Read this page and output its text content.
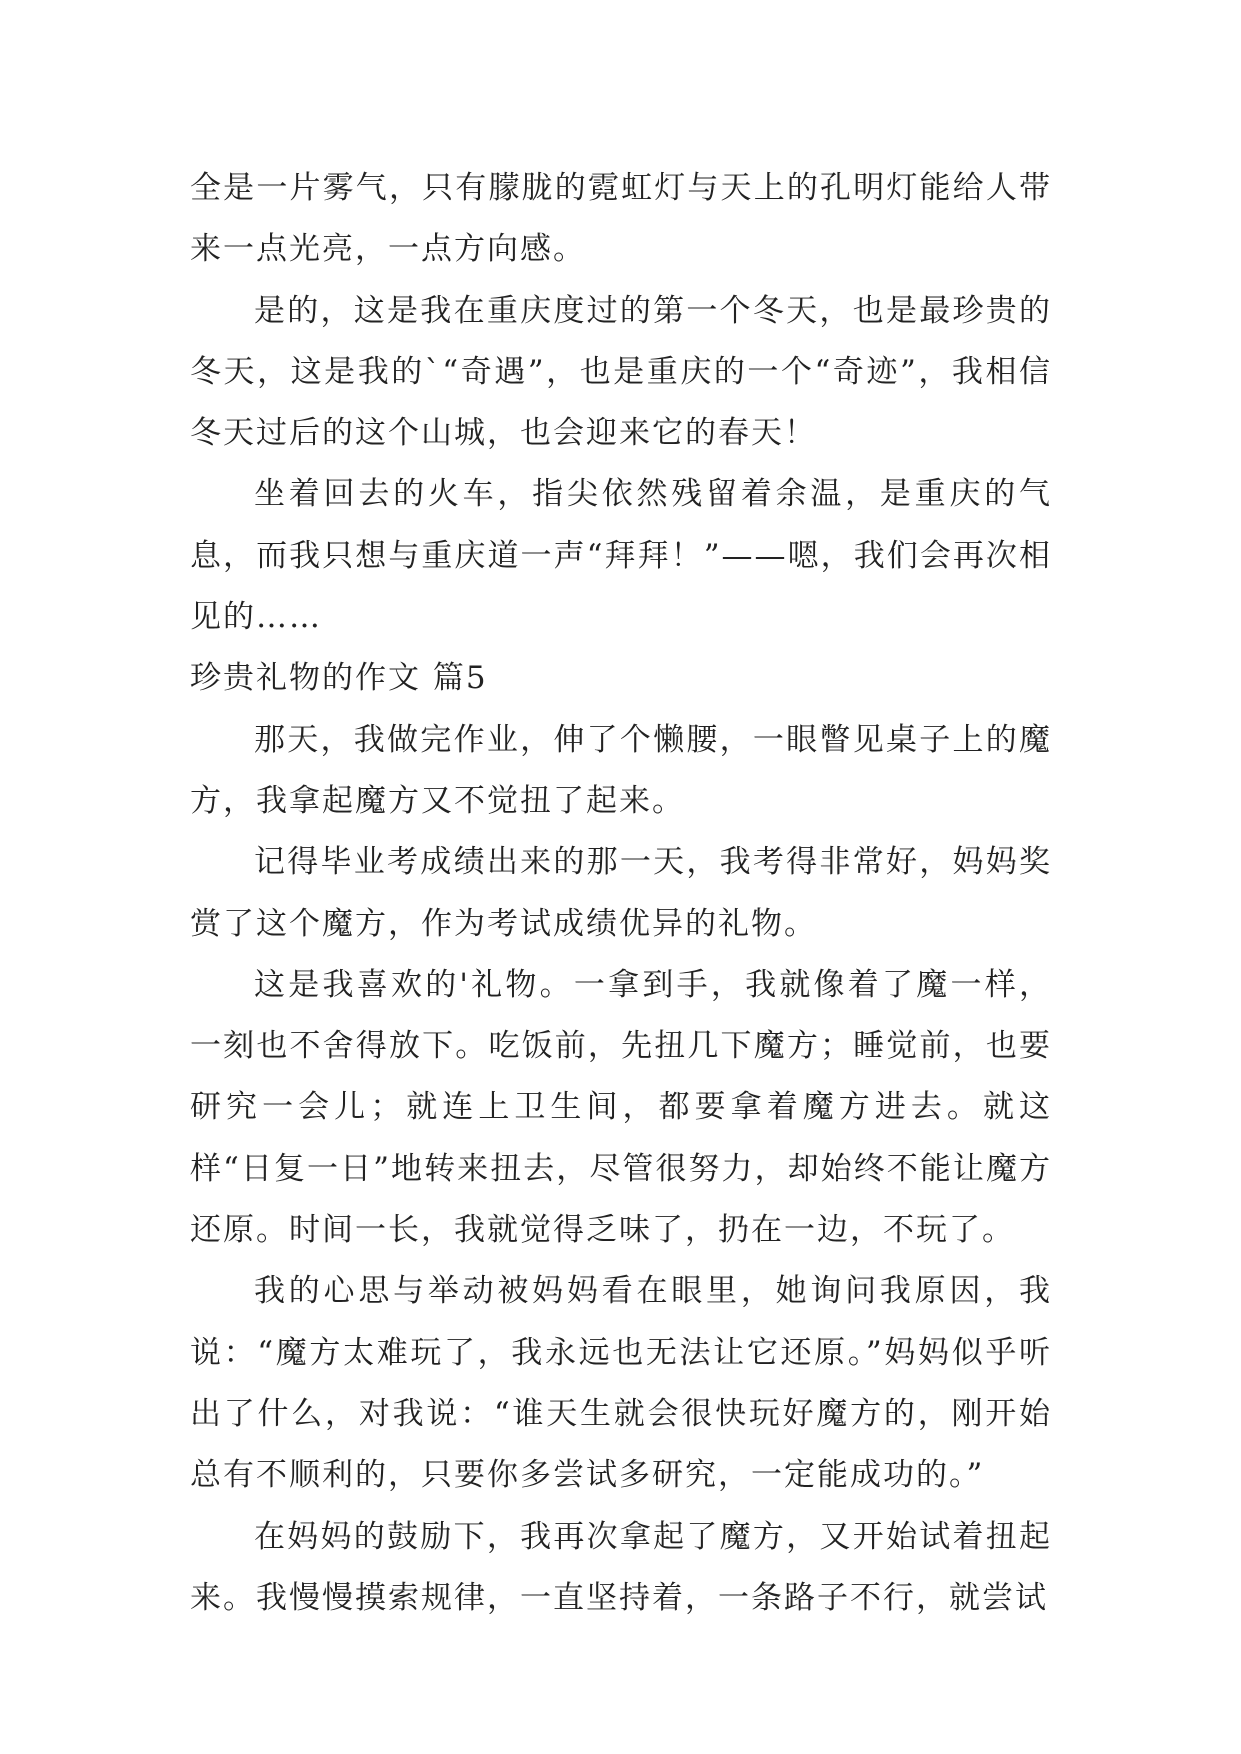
全是一片雾气，只有朦胧的霓虹灯与天上的孔明灯能给人带来一点光亮，一点方向感。

是的，这是我在重庆度过的第一个冬天，也是最珍贵的冬天，这是我的`“奇遇”，也是重庆的一个“奇迹”，我相信冬天过后的这个山城，也会迎来它的春天！

坐着回去的火车，指尖依然残留着余温，是重庆的气息，而我只想与重庆道一声“拜拜！”——嗯，我们会再次相见的……

珍贵礼物的作文 篇5

那天，我做完作业，伸了个懒腰，一眼瞥见桌子上的魔方，我拿起魔方又不觉扭了起来。

记得毕业考成绩出来的那一天，我考得非常好，妈妈奖赏了这个魔方，作为考试成绩优异的礼物。

这是我喜欢的'礼物。一拿到手，我就像着了魔一样，一刻也不舍得放下。吃饭前，先扭几下魔方；睡觉前，也要研究一会儿；就连上卫生间，都要拿着魔方进去。就这样“日复一日”地转来扭去，尽管很努力，却始终不能让魔方还原。时间一长，我就觉得乏味了，扔在一边，不玩了。

我的心思与举动被妈妈看在眼里，她询问我原因，我说：“魔方太难玩了，我永远也无法让它还原。”妈妈似乎听出了什么，对我说：“谁天生就会很快玩好魔方的，刚开始总有不顺利的，只要你多尝试多研究，一定能成功的。”

在妈妈的鼓励下，我再次拿起了魔方，又开始试着扭起来。我慢慢摸索规律，一直坚持着，一条路子不行，就尝试
